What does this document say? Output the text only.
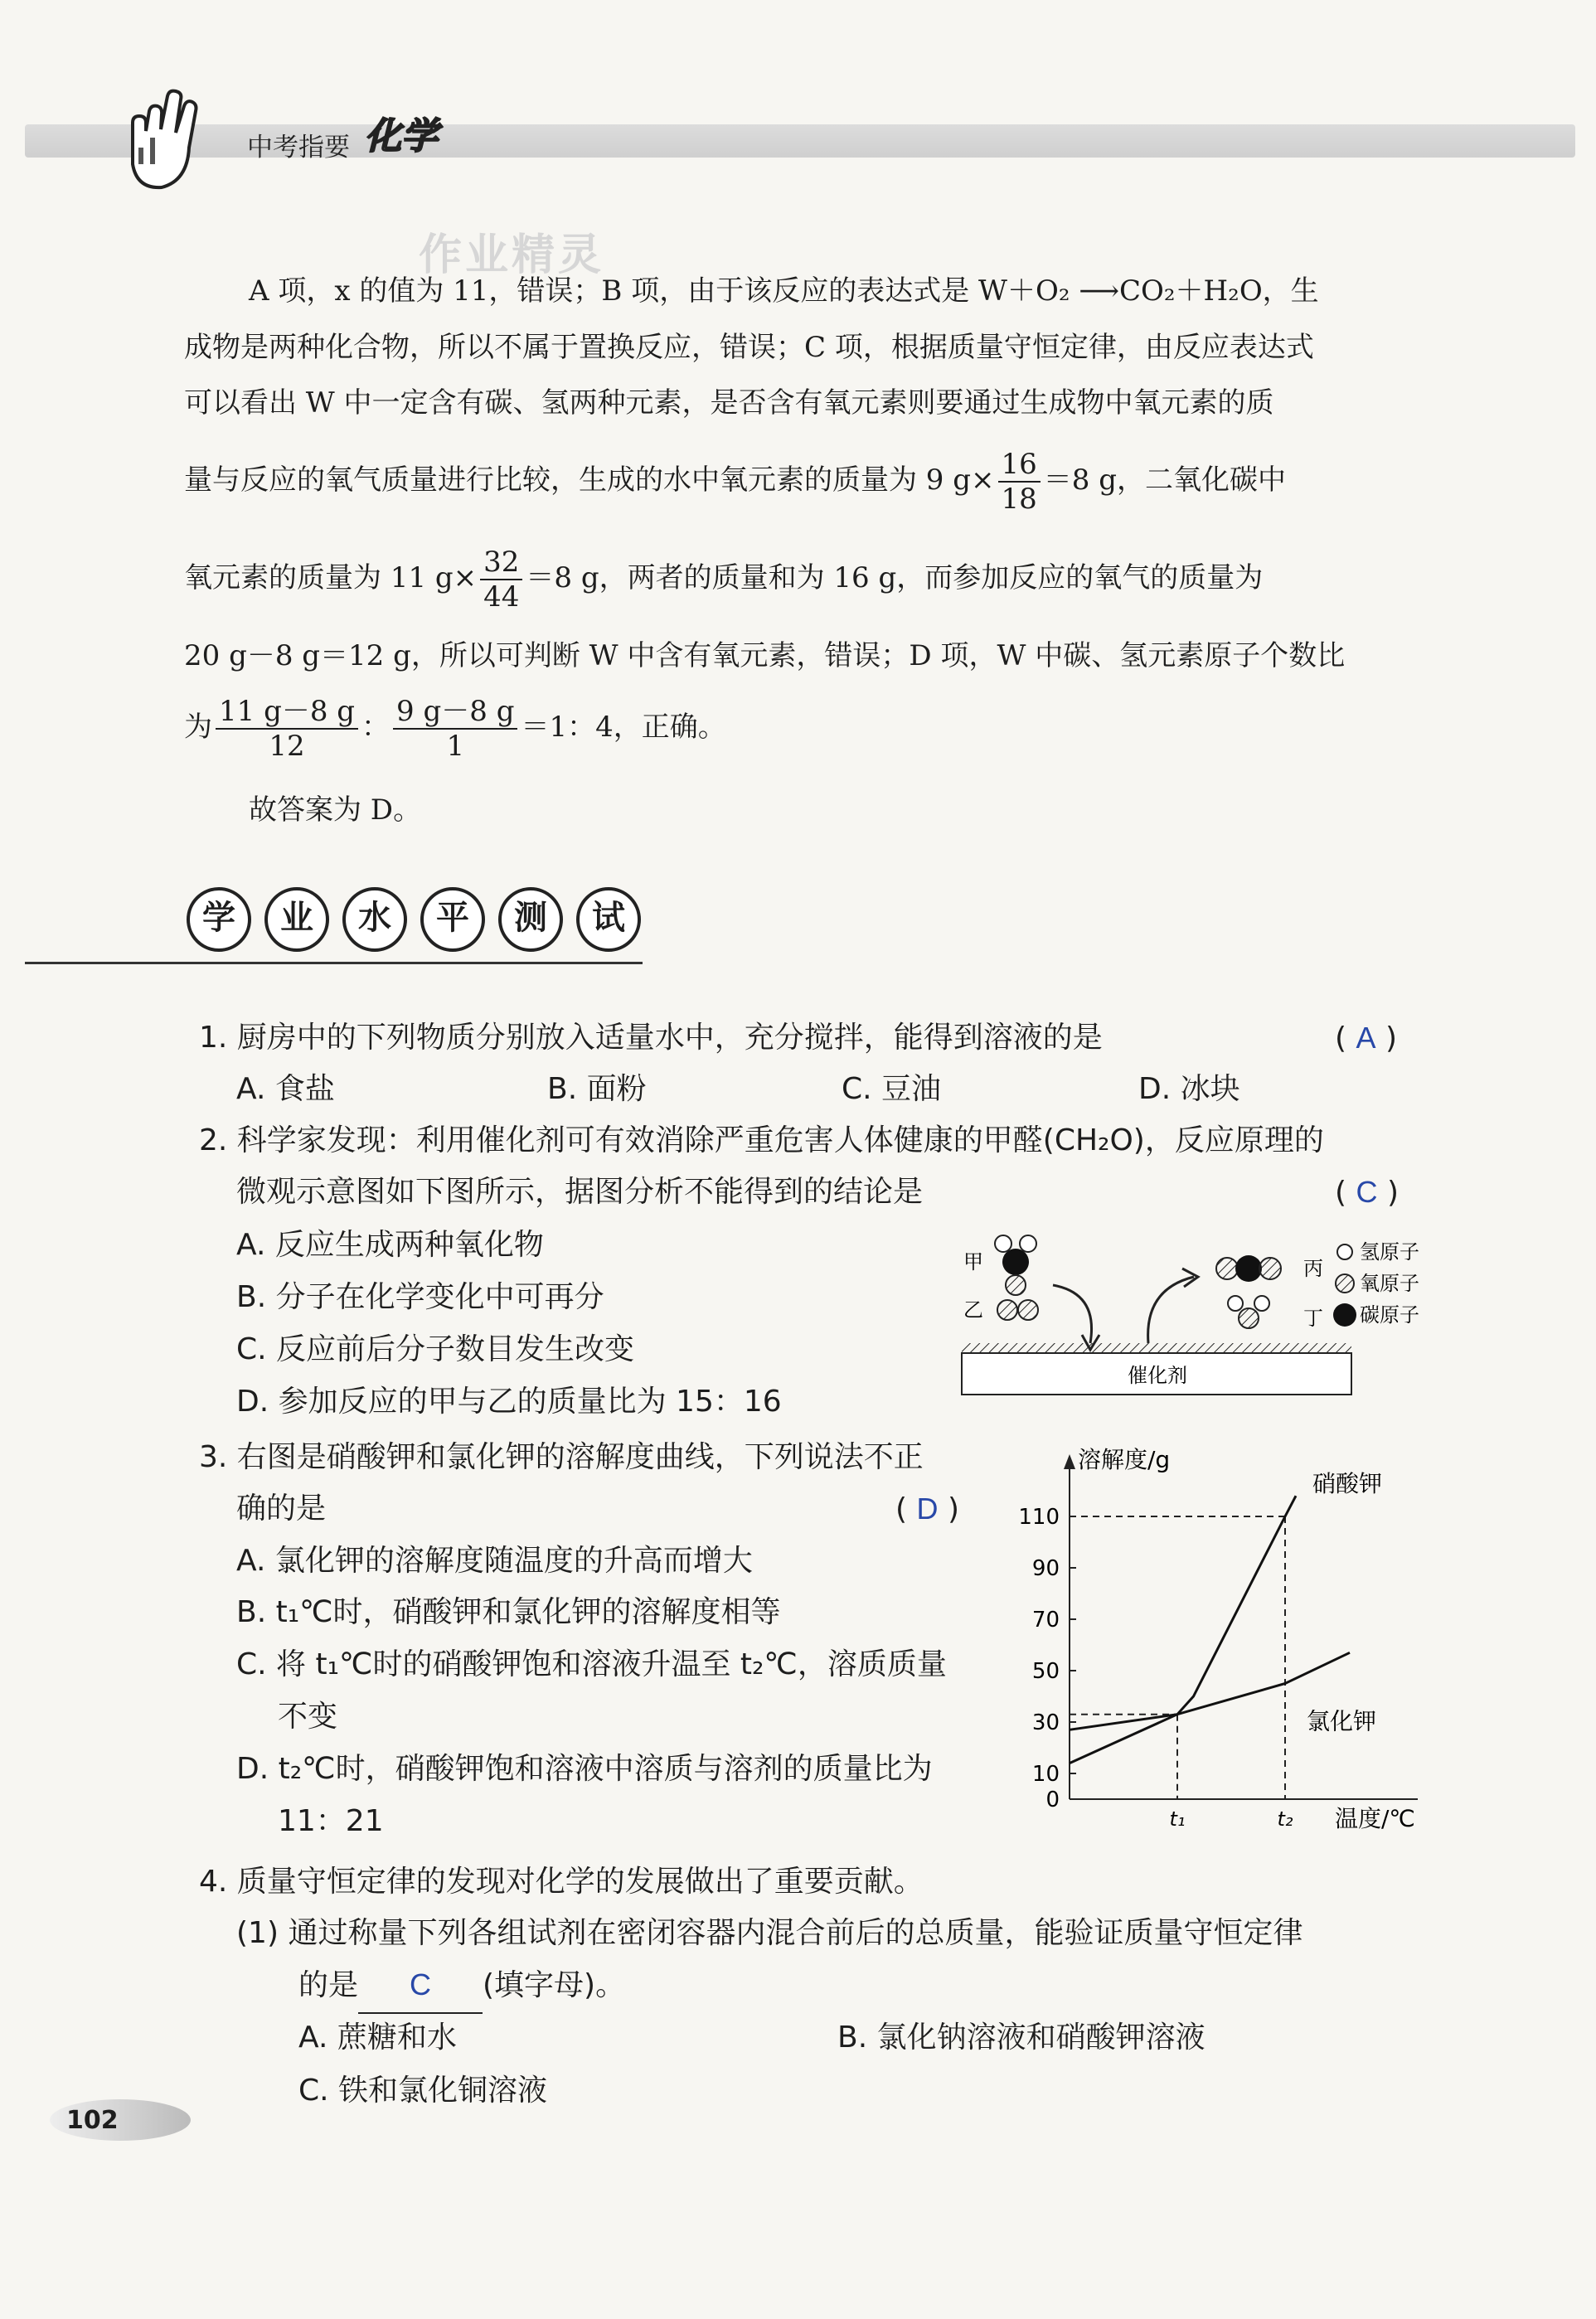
中考指要 化学
作业精灵
A 项，x 的值为 11，错误；B 项，由于该反应的表达式是 W＋O₂ ⟶CO₂＋H₂O，生
成物是两种化合物，所以不属于置换反应，错误；C 项，根据质量守恒定律，由反应表达式
可以看出 W 中一定含有碳、氢两种元素，是否含有氧元素则要通过生成物中氧元素的质
量与反应的氧气质量进行比较，生成的水中氧元素的质量为 9 $g\times \frac{16}{18} =8$ g，二氧化碳中
氧元素的质量为 11 $g\times \frac{32}{44} =8$ g，两者的质量和为 16 g，而参加反应的氧气的质量为
20 g－8 g＝12 g，所以可判断 W 中含有氧元素，错误；D 项，W 中碳、氢元素原子个数比
为 $\frac{11 g-8 g}{12}$ ： $\frac{9 g-8 g}{1} =1$：4，正确。
故答案为 D。
学 业 水 平 测 试
1. 厨房中的下列物质分别放入适量水中，充分搅拌，能得到溶液的是	( A )
A. 食盐	B. 面粉	C. 豆油	D. 冰块
2. 科学家发现：利用催化剂可有效消除严重危害人体健康的甲醛(CH₂O)，反应原理的
微观示意图如下图所示，据图分析不能得到的结论是	( C )
A. 反应生成两种氧化物
B. 分子在化学变化中可再分
C. 反应前后分子数目发生改变
D. 参加反应的甲与乙的质量比为 15：16
甲
乙
丙
丁
氢原子
氧原子
碳原子
催化剂
3. 右图是硝酸钾和氯化钾的溶解度曲线，下列说法不正
确的是	( D )
A. 氯化钾的溶解度随温度的升高而增大
B. t₁℃时，硝酸钾和氯化钾的溶解度相等
C. 将 t₁℃时的硝酸钾饱和溶液升温至 t₂℃，溶质质量
不变
D. t₂℃时，硝酸钾饱和溶液中溶质与溶剂的质量比为
11：21
溶解度/g
温度/℃
0
10
30
50
70
90
110
t₁	t₂
硝酸钾
氯化钾
4. 质量守恒定律的发现对化学的发展做出了重要贡献。
(1) 通过称量下列各组试剂在密闭容器内混合前后的总质量，能验证质量守恒定律
的是 C (填字母)。
A. 蔗糖和水	B. 氯化钠溶液和硝酸钾溶液
C. 铁和氯化铜溶液
102
